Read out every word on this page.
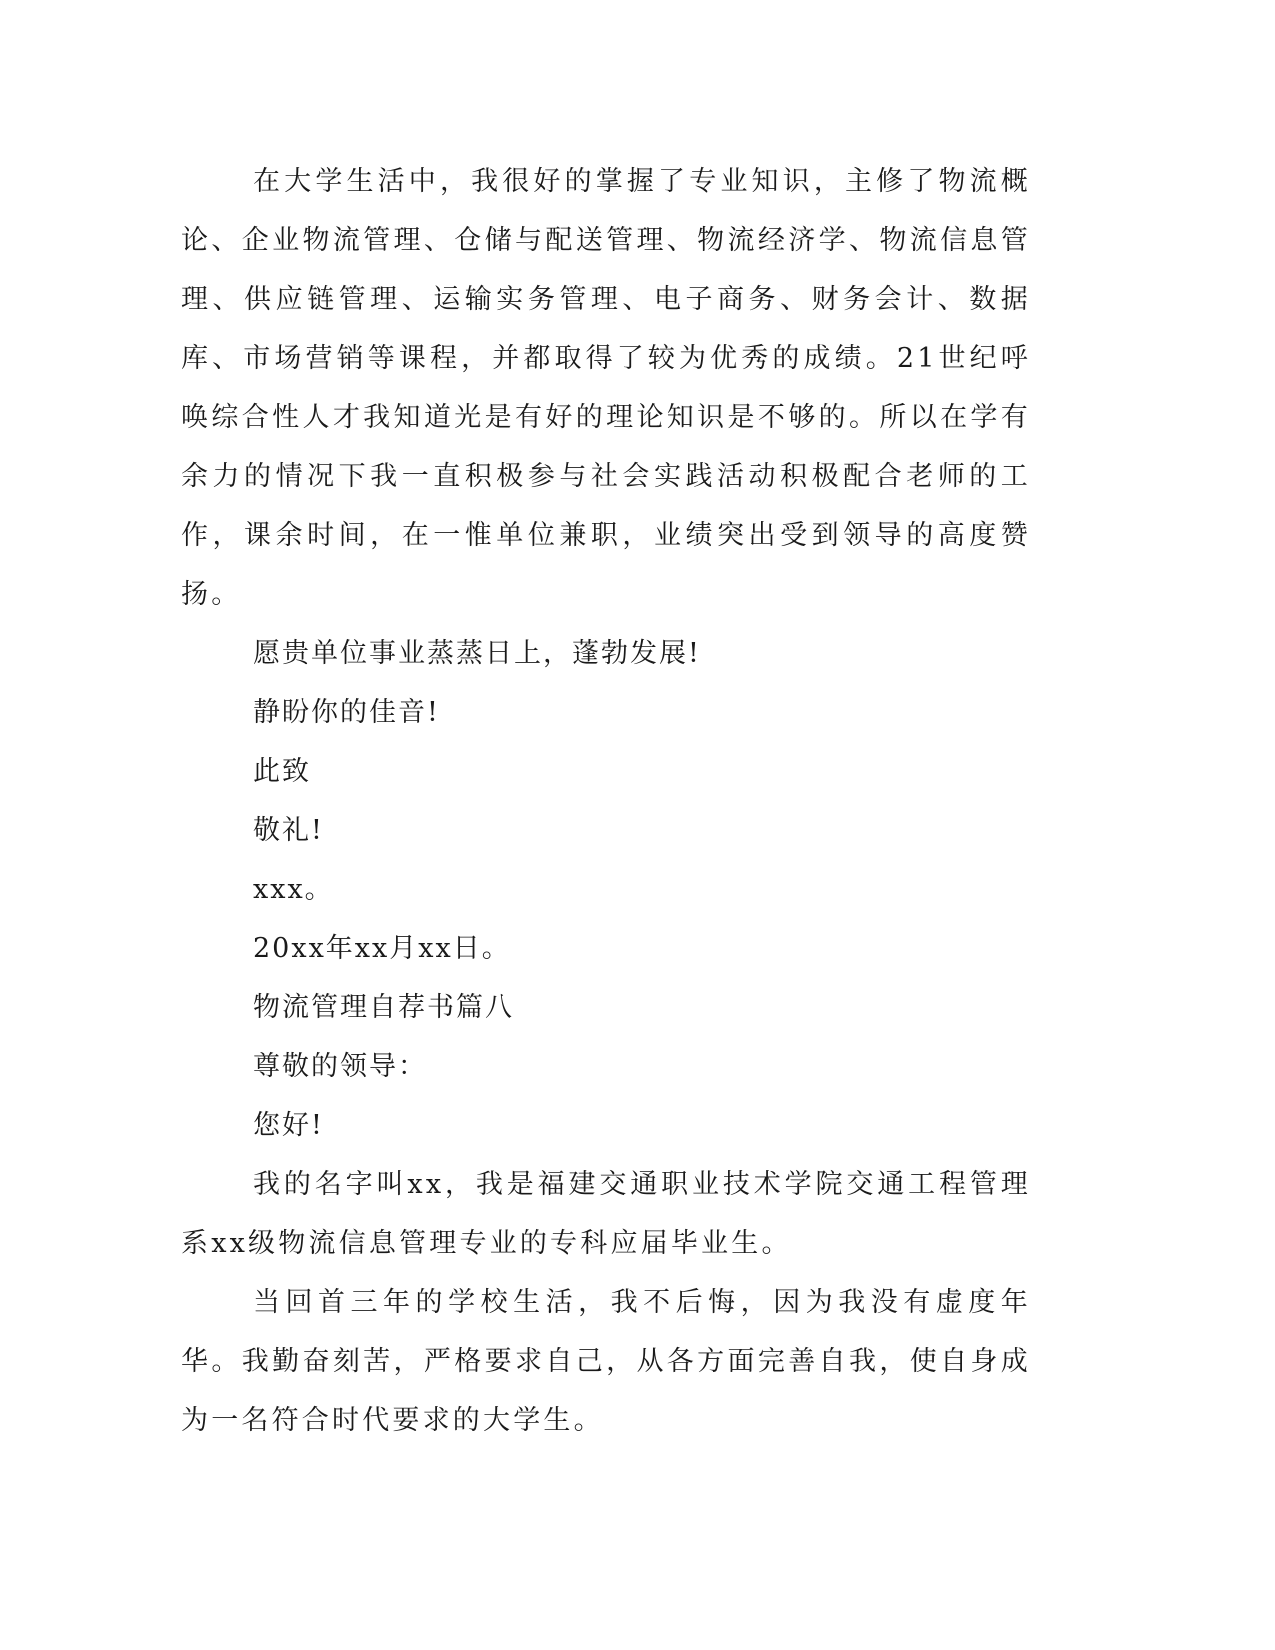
在大学生活中，我很好的掌握了专业知识，主修了物流概论、企业物流管理、仓储与配送管理、物流经济学、物流信息管理、供应链管理、运输实务管理、电子商务、财务会计、数据库、市场营销等课程，并都取得了较为优秀的成绩。21世纪呼唤综合性人才我知道光是有好的理论知识是不够的。所以在学有余力的情况下我一直积极参与社会实践活动积极配合老师的工作，课余时间，在一惟单位兼职，业绩突出受到领导的高度赞扬。

愿贵单位事业蒸蒸日上，蓬勃发展!

静盼你的佳音!

此致

敬礼!

xxx。

20xx年xx月xx日。

物流管理自荐书篇八

尊敬的领导：

您好!

我的名字叫xx，我是福建交通职业技术学院交通工程管理系xx级物流信息管理专业的专科应届毕业生。

当回首三年的学校生活，我不后悔，因为我没有虚度年华。我勤奋刻苦，严格要求自己，从各方面完善自我，使自身成为一名符合时代要求的大学生。
